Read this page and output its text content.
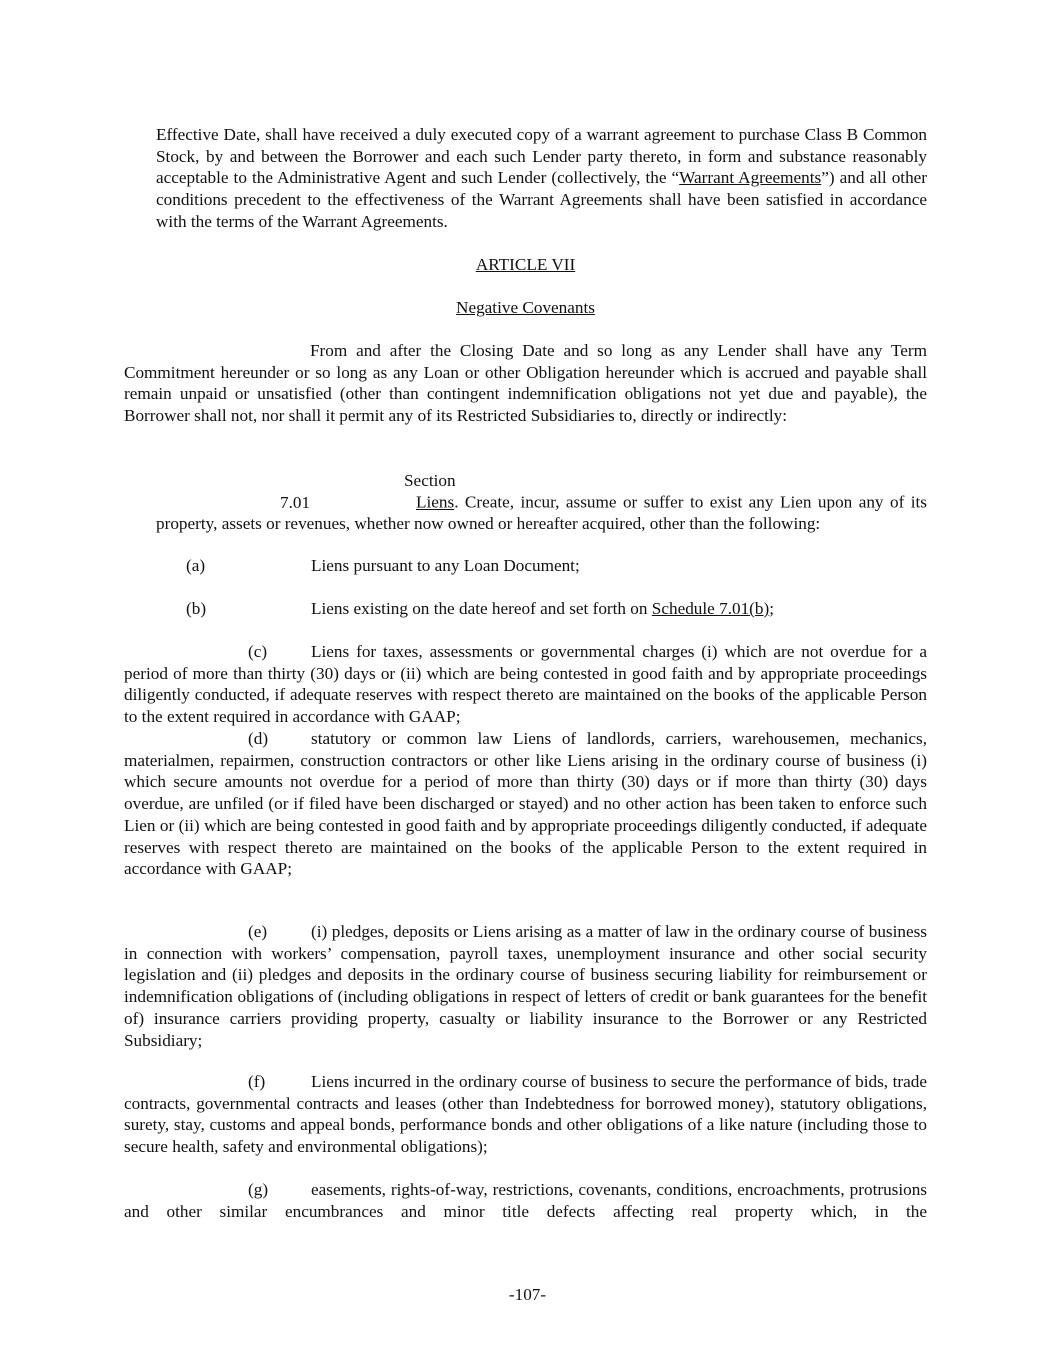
Effective Date, shall have received a duly executed copy of a warrant agreement to purchase Class B Common Stock, by and between the Borrower and each such Lender party thereto, in form and substance reasonably acceptable to the Administrative Agent and such Lender (collectively, the “Warrant Agreements”) and all other conditions precedent to the effectiveness of the Warrant Agreements shall have been satisfied in accordance with the terms of the Warrant Agreements.

ARTICLE VII

Negative Covenants

From and after the Closing Date and so long as any Lender shall have any Term Commitment hereunder or so long as any Loan or other Obligation hereunder which is accrued and payable shall remain unpaid or unsatisfied (other than contingent indemnification obligations not yet due and payable), the Borrower shall not, nor shall it permit any of its Restricted Subsidiaries to, directly or indirectly:

Section 7.01	Liens. Create, incur, assume or suffer to exist any Lien upon any of its property, assets or revenues, whether now owned or hereafter acquired, other than the following:

(a)	Liens pursuant to any Loan Document;
(b)	Liens existing on the date hereof and set forth on Schedule 7.01(b);

(c)	Liens for taxes, assessments or governmental charges (i) which are not overdue for a period of more than thirty (30) days or (ii) which are being contested in good faith and by appropriate proceedings diligently conducted, if adequate reserves with respect thereto are maintained on the books of the applicable Person to the extent required in accordance with GAAP;

(d) statutory or common law Liens of landlords, carriers, warehousemen, mechanics, materialmen, repairmen, construction contractors or other like Liens arising in the ordinary course of business (i) which secure amounts not overdue for a period of more than thirty (30) days or if more than thirty (30) days overdue, are unfiled (or if filed have been discharged or stayed) and no other action has been taken to enforce such Lien or (ii) which are being contested in good faith and by appropriate proceedings diligently conducted, if adequate reserves with respect thereto are maintained on the books of the applicable Person to the extent required in accordance with GAAP;

(e)	(i) pledges, deposits or Liens arising as a matter of law in the ordinary course of business in connection with workers’ compensation, payroll taxes, unemployment insurance and other social security legislation and (ii) pledges and deposits in the ordinary course of business securing liability for reimbursement or indemnification obligations of (including obligations in respect of letters of credit or bank guarantees for the benefit of) insurance carriers providing property, casualty or liability insurance to the Borrower or any Restricted Subsidiary;

(f)	Liens incurred in the ordinary course of business to secure the performance of bids, trade contracts, governmental contracts and leases (other than Indebtedness for borrowed money), statutory obligations, surety, stay, customs and appeal bonds, performance bonds and other obligations of a like nature (including those to secure health, safety and environmental obligations);

(g) easements, rights-of-way, restrictions, covenants, conditions, encroachments, protrusions and other similar encumbrances and minor title defects affecting real property which, in the

-107-
